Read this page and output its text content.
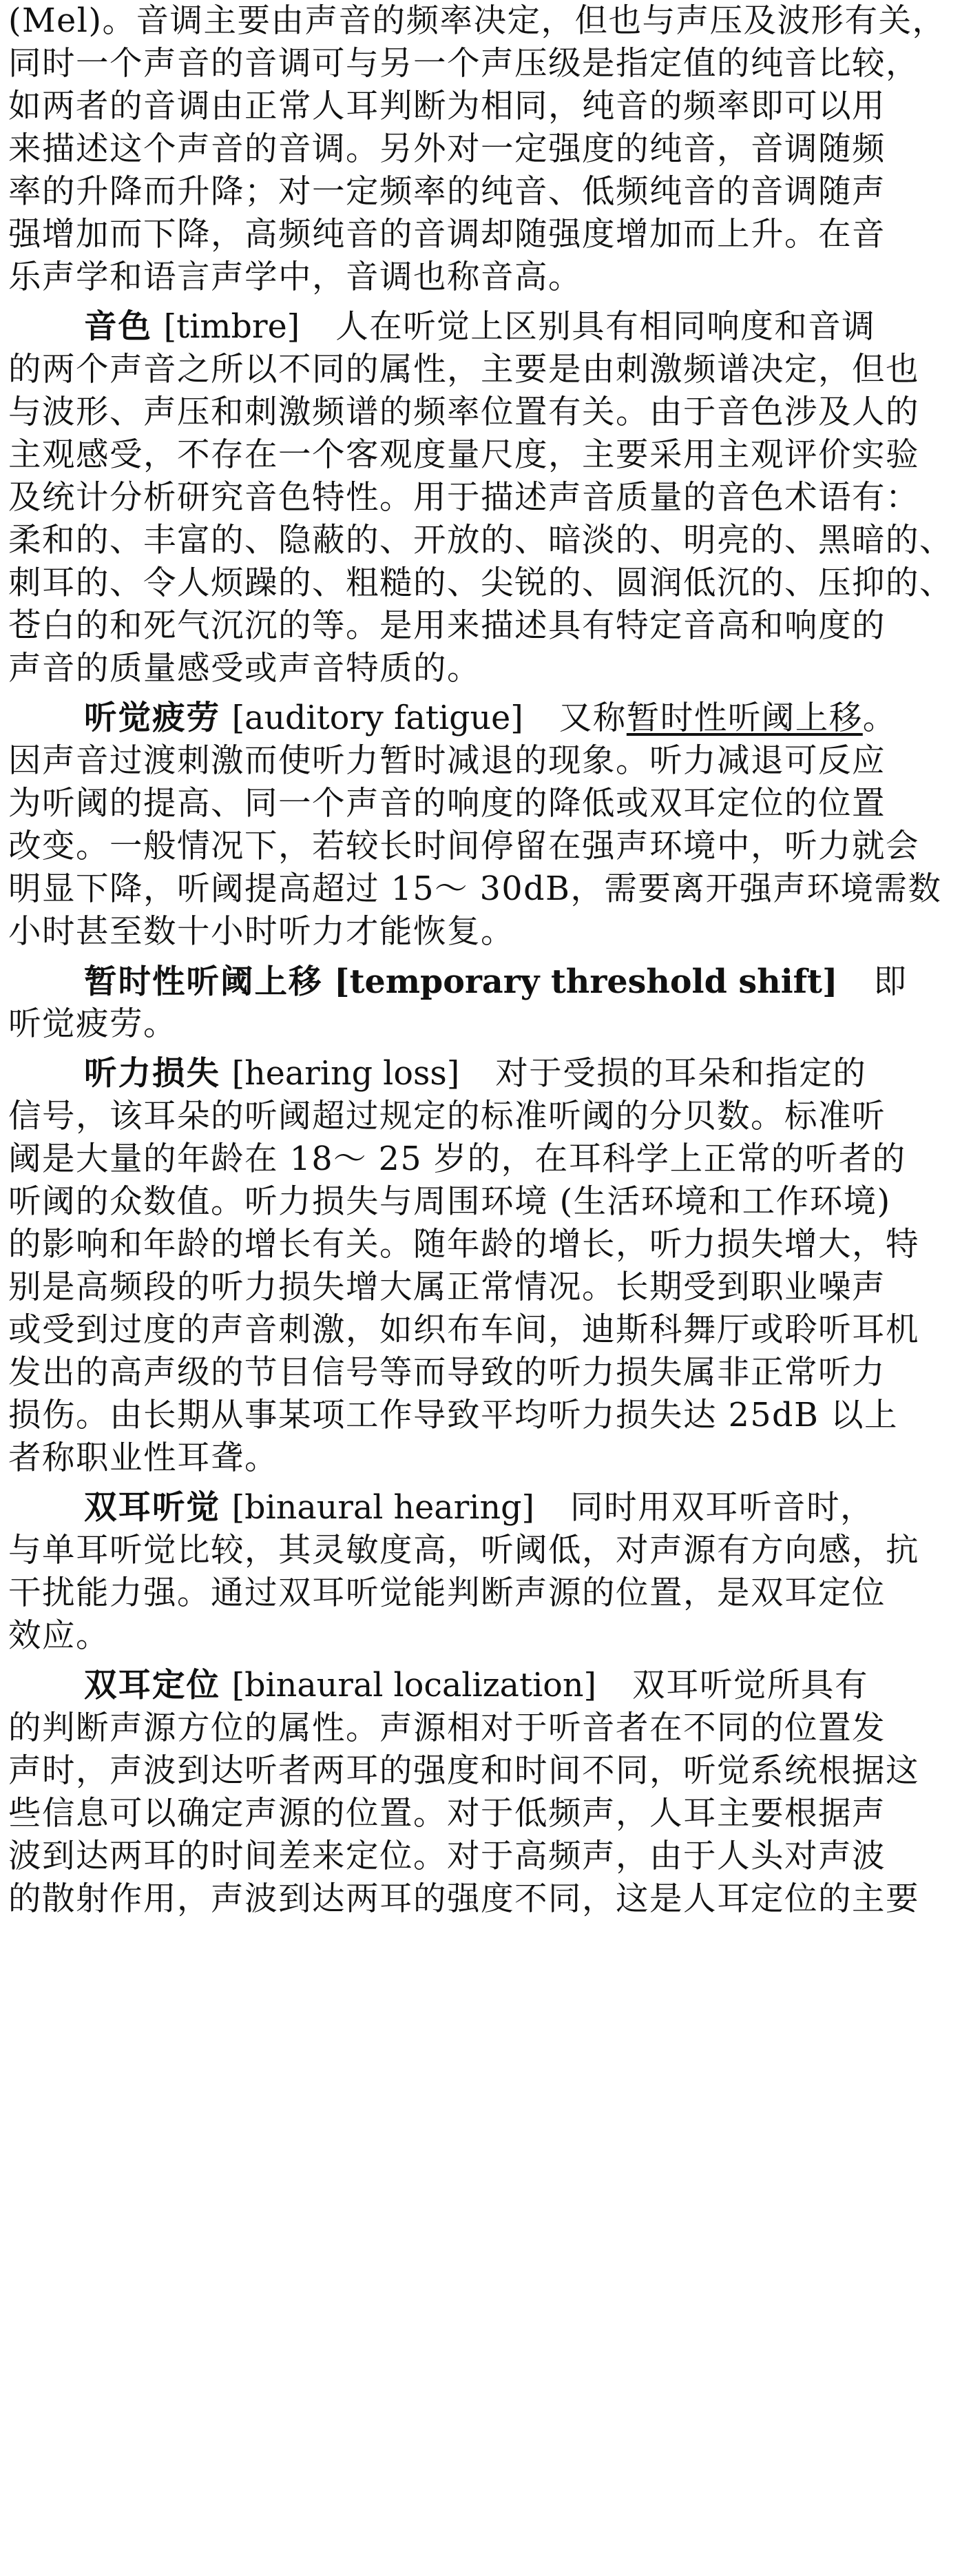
(Mel)。音调主要由声音的频率决定，但也与声压及波形有关，
同时一个声音的音调可与另一个声压级是指定值的纯音比较，
如两者的音调由正常人耳判断为相同，纯音的频率即可以用
来描述这个声音的音调。另外对一定强度的纯音，音调随频
率的升降而升降；对一定频率的纯音、低频纯音的音调随声
强增加而下降，高频纯音的音调却随强度增加而上升。在音
乐声学和语言声学中，音调也称音高。
音色 [timbre] 人在听觉上区别具有相同响度和音调
的两个声音之所以不同的属性，主要是由刺激频谱决定，但也
与波形、声压和刺激频谱的频率位置有关。由于音色涉及人的
主观感受，不存在一个客观度量尺度，主要采用主观评价实验
及统计分析研究音色特性。用于描述声音质量的音色术语有：
柔和的、丰富的、隐蔽的、开放的、暗淡的、明亮的、黑暗的、
刺耳的、令人烦躁的、粗糙的、尖锐的、圆润低沉的、压抑的、
苍白的和死气沉沉的等。是用来描述具有特定音高和响度的
声音的质量感受或声音特质的。
听觉疲劳 [auditory fatigue] 又称暂时性听阈上移。
因声音过渡刺激而使听力暂时减退的现象。听力减退可反应
为听阈的提高、同一个声音的响度的降低或双耳定位的位置
改变。一般情况下，若较长时间停留在强声环境中，听力就会
明显下降，听阈提高超过 15～ 30dB，需要离开强声环境需数
小时甚至数十小时听力才能恢复。
暂时性听阈上移 [temporary threshold shift] 即
听觉疲劳。
听力损失 [hearing loss] 对于受损的耳朵和指定的
信号，该耳朵的听阈超过规定的标准听阈的分贝数。标准听
阈是大量的年龄在 18～ 25 岁的，在耳科学上正常的听者的
听阈的众数值。听力损失与周围环境 (生活环境和工作环境)
的影响和年龄的增长有关。随年龄的增长，听力损失增大，特
别是高频段的听力损失增大属正常情况。长期受到职业噪声
或受到过度的声音刺激，如织布车间，迪斯科舞厅或聆听耳机
发出的高声级的节目信号等而导致的听力损失属非正常听力
损伤。由长期从事某项工作导致平均听力损失达 25dB 以上
者称职业性耳聋。
双耳听觉 [binaural hearing] 同时用双耳听音时，
与单耳听觉比较，其灵敏度高，听阈低，对声源有方向感，抗
干扰能力强。通过双耳听觉能判断声源的位置，是双耳定位
效应。
双耳定位 [binaural localization] 双耳听觉所具有
的判断声源方位的属性。声源相对于听音者在不同的位置发
声时，声波到达听者两耳的强度和时间不同，听觉系统根据这
些信息可以确定声源的位置。对于低频声，人耳主要根据声
波到达两耳的时间差来定位。对于高频声，由于人头对声波
的散射作用，声波到达两耳的强度不同，这是人耳定位的主要
